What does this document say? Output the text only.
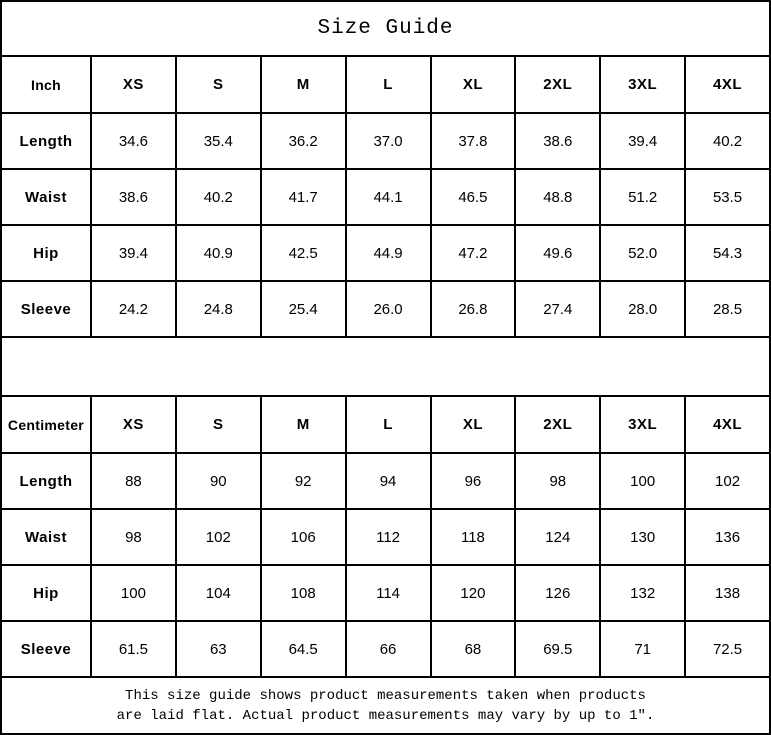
Size Guide								
Inch	XS	S	M	L	XL	2XL	3XL	4XL
Length	34.6	35.4	36.2	37.0	37.8	38.6	39.4	40.2
Waist	38.6	40.2	41.7	44.1	46.5	48.8	51.2	53.5
Hip	39.4	40.9	42.5	44.9	47.2	49.6	52.0	54.3
Sleeve	24.2	24.8	25.4	26.0	26.8	27.4	28.0	28.5

Centimeter	XS	S	M	L	XL	2XL	3XL	4XL
Length	88	90	92	94	96	98	100	102
Waist	98	102	106	112	118	124	130	136
Hip	100	104	108	114	120	126	132	138
Sleeve	61.5	63	64.5	66	68	69.5	71	72.5

This size guide shows product measurements taken when products
are laid flat. Actual product measurements may vary by up to 1″.								
